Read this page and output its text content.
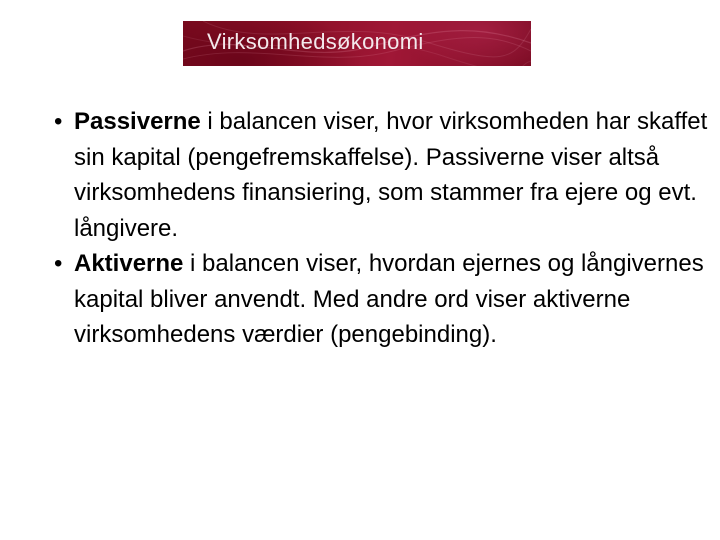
Virksomhedsøkonomi
• Passiverne i balancen viser, hvor virksomheden har skaffet sin kapital (pengefremskaffelse). Passiverne viser altså virksomhedens finansiering, som stammer fra ejere og evt. långivere.
• Aktiverne i balancen viser, hvordan ejernes og långivernes kapital bliver anvendt. Med andre ord viser aktiverne virksomhedens værdier (pengebinding).
